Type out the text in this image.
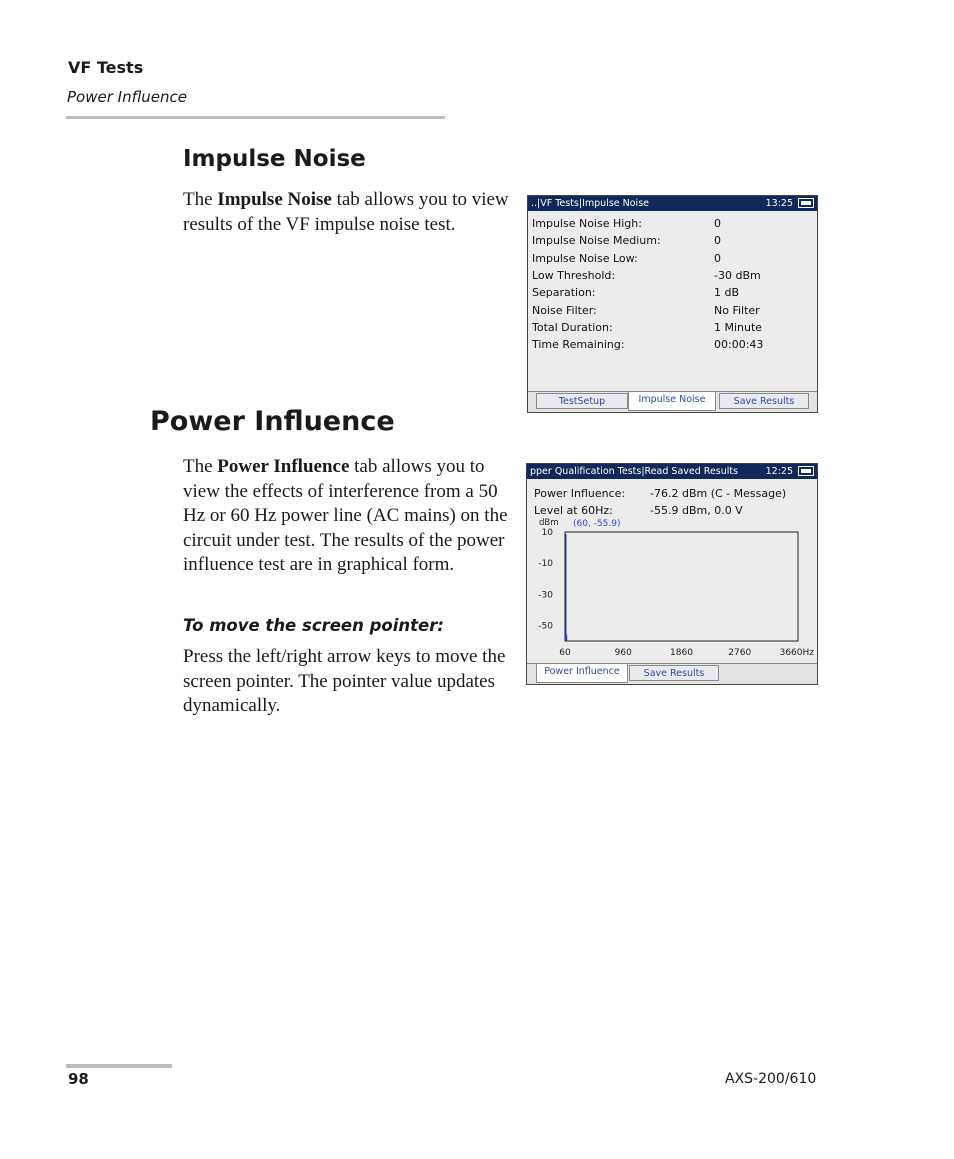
VF Tests
Power Influence
Impulse Noise
The Impulse Noise tab allows you to view results of the VF impulse noise test.
..|VF Tests|Impulse Noise	13:25
Impulse Noise High:	0
Impulse Noise Medium:	0
Impulse Noise Low:	0
Low Threshold:	-30 dBm
Separation:	1 dB
Noise Filter:	No Filter
Total Duration:	1 Minute
Time Remaining:	00:00:43
TestSetup	Impulse Noise	Save Results
Power Influence
The Power Influence tab allows you to view the effects of interference from a 50 Hz or 60 Hz power line (AC mains) on the circuit under test. The results of the power influence test are in graphical form.
To move the screen pointer:
Press the left/right arrow keys to move the screen pointer. The pointer value updates dynamically.
pper Qualification Tests|Read Saved Results	12:25
Power Influence: -76.2 dBm (C - Message)
Level at 60Hz:	-55.9 dBm, 0.0 V
dBm (60, -55.9)
10
-10
-30
-50
60	960	1860	2760	3660Hz
Power Influence	Save Results
98	AXS-200/610
